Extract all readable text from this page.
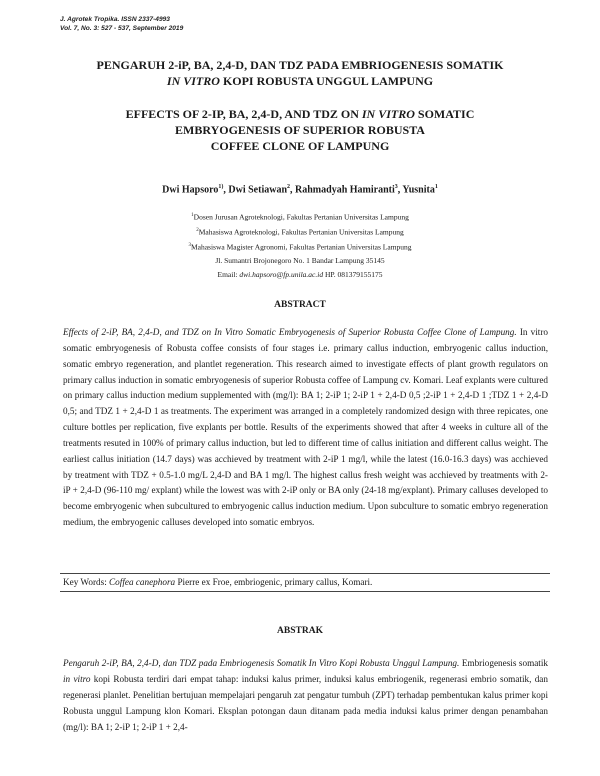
J. Agrotek Tropika. ISSN 2337-4993
Vol. 7, No. 3: 527 - 537, September 2019
PENGARUH 2-iP, BA, 2,4-D, DAN TDZ PADA EMBRIOGENESIS SOMATIK
IN VITRO KOPI ROBUSTA UNGGUL LAMPUNG
EFFECTS OF 2-IP, BA, 2,4-D, AND TDZ ON IN VITRO SOMATIC
EMBRYOGENESIS OF SUPERIOR ROBUSTA
COFFEE CLONE OF LAMPUNG
Dwi Hapsoro$^{1)}$, Dwi Setiawan$^2$, Rahmadyah Hamiranti$^3$, Yusnita$^1$
$^1$Dosen Jurusan Agroteknologi, Fakultas Pertanian Universitas Lampung
$^2$Mahasiswa Agroteknologi, Fakultas Pertanian Universitas Lampung
$^3$Mahasiswa Magister Agronomi, Fakultas Pertanian Universitas Lampung
Jl. Sumantri Brojonegoro No. 1 Bandar Lampung 35145
Email: dwi.hapsoro@fp.unila.ac.id HP. 081379155175
ABSTRACT
Effects of 2-iP, BA, 2,4-D, and TDZ on In Vitro Somatic Embryogenesis of Superior Robusta Coffee Clone of Lampung. In vitro somatic embryogenesis of Robusta coffee consists of four stages i.e. primary callus induction, embryogenic callus induction, somatic embryo regeneration, and plantlet regeneration. This research aimed to investigate effects of plant growth regulators on primary callus induction in somatic embryogenesis of superior Robusta coffee of Lampung cv. Komari. Leaf explants were cultured on primary callus induction medium supplemented with (mg/l): BA 1; 2-iP 1; 2-iP 1 + 2,4-D 0,5 ;2-iP 1 + 2,4-D 1 ;TDZ 1 + 2,4-D 0,5; and TDZ 1 + 2,4-D 1 as treatments. The experiment was arranged in a completely randomized design with three repicates, one culture bottles per replication, five explants per bottle. Results of the experiments showed that after 4 weeks in culture all of the treatments resuted in 100% of primary callus induction, but led to different time of callus initiation and different callus weight. The earliest callus initiation (14.7 days) was acchieved by treatment with 2-iP 1 mg/l, while the latest (16.0-16.3 days) was acchieved by treatment with TDZ + 0.5-1.0 mg/L 2,4-D and BA 1 mg/l. The highest callus fresh weight was acchieved by treatments with 2-iP + 2,4-D (96-110 mg/ explant) while the lowest was with 2-iP only or BA only (24-18 mg/explant). Primary calluses developed to become embryogenic when subcultured to embryogenic callus induction medium. Upon subculture to somatic embryo regeneration medium, the embryogenic calluses developed into somatic embryos.
Key Words: Coffea canephora Pierre ex Froe, embriogenic, primary callus, Komari.
ABSTRAK
Pengaruh 2-iP, BA, 2,4-D, dan TDZ pada Embriogenesis Somatik In Vitro Kopi Robusta Unggul Lampung. Embriogenesis somatik in vitro kopi Robusta terdiri dari empat tahap: induksi kalus primer, induksi kalus embriogenik, regenerasi embrio somatik, dan regenerasi planlet. Penelitian bertujuan mempelajari pengaruh zat pengatur tumbuh (ZPT) terhadap pembentukan kalus primer kopi Robusta unggul Lampung klon Komari. Eksplan potongan daun ditanam pada media induksi kalus primer dengan penambahan (mg/l): BA 1; 2-iP 1; 2-iP 1 + 2,4-
